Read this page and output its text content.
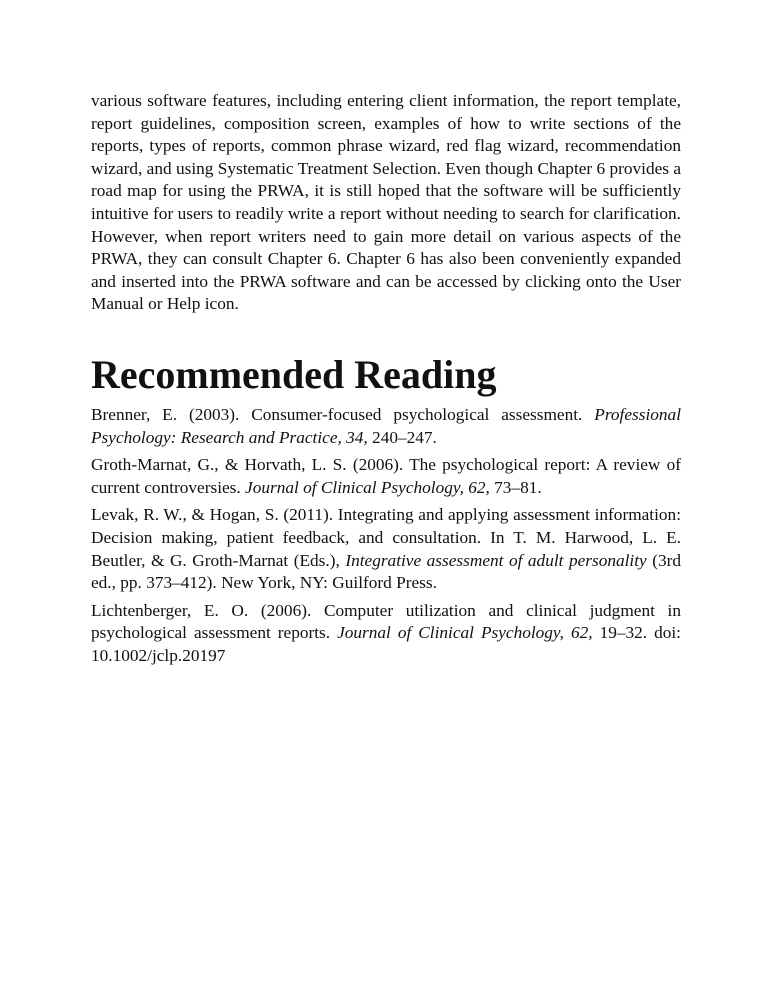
various software features, including entering client information, the report template, report guidelines, composition screen, examples of how to write sections of the reports, types of reports, common phrase wizard, red flag wizard, recommendation wizard, and using Systematic Treatment Selection. Even though Chapter 6 provides a road map for using the PRWA, it is still hoped that the software will be sufficiently intuitive for users to readily write a report without needing to search for clarification. However, when report writers need to gain more detail on various aspects of the PRWA, they can consult Chapter 6. Chapter 6 has also been conveniently expanded and inserted into the PRWA software and can be accessed by clicking onto the User Manual or Help icon.

Recommended Reading

Brenner, E. (2003). Consumer-focused psychological assessment. Professional Psychology: Research and Practice, 34, 240–247.

Groth-Marnat, G., & Horvath, L. S. (2006). The psychological report: A review of current controversies. Journal of Clinical Psychology, 62, 73–81.

Levak, R. W., & Hogan, S. (2011). Integrating and applying assessment information: Decision making, patient feedback, and consultation. In T. M. Harwood, L. E. Beutler, & G. Groth-Marnat (Eds.), Integrative assessment of adult personality (3rd ed., pp. 373–412). New York, NY: Guilford Press.

Lichtenberger, E. O. (2006). Computer utilization and clinical judgment in psychological assessment reports. Journal of Clinical Psychology, 62, 19–32. doi: 10.1002/jclp.20197
